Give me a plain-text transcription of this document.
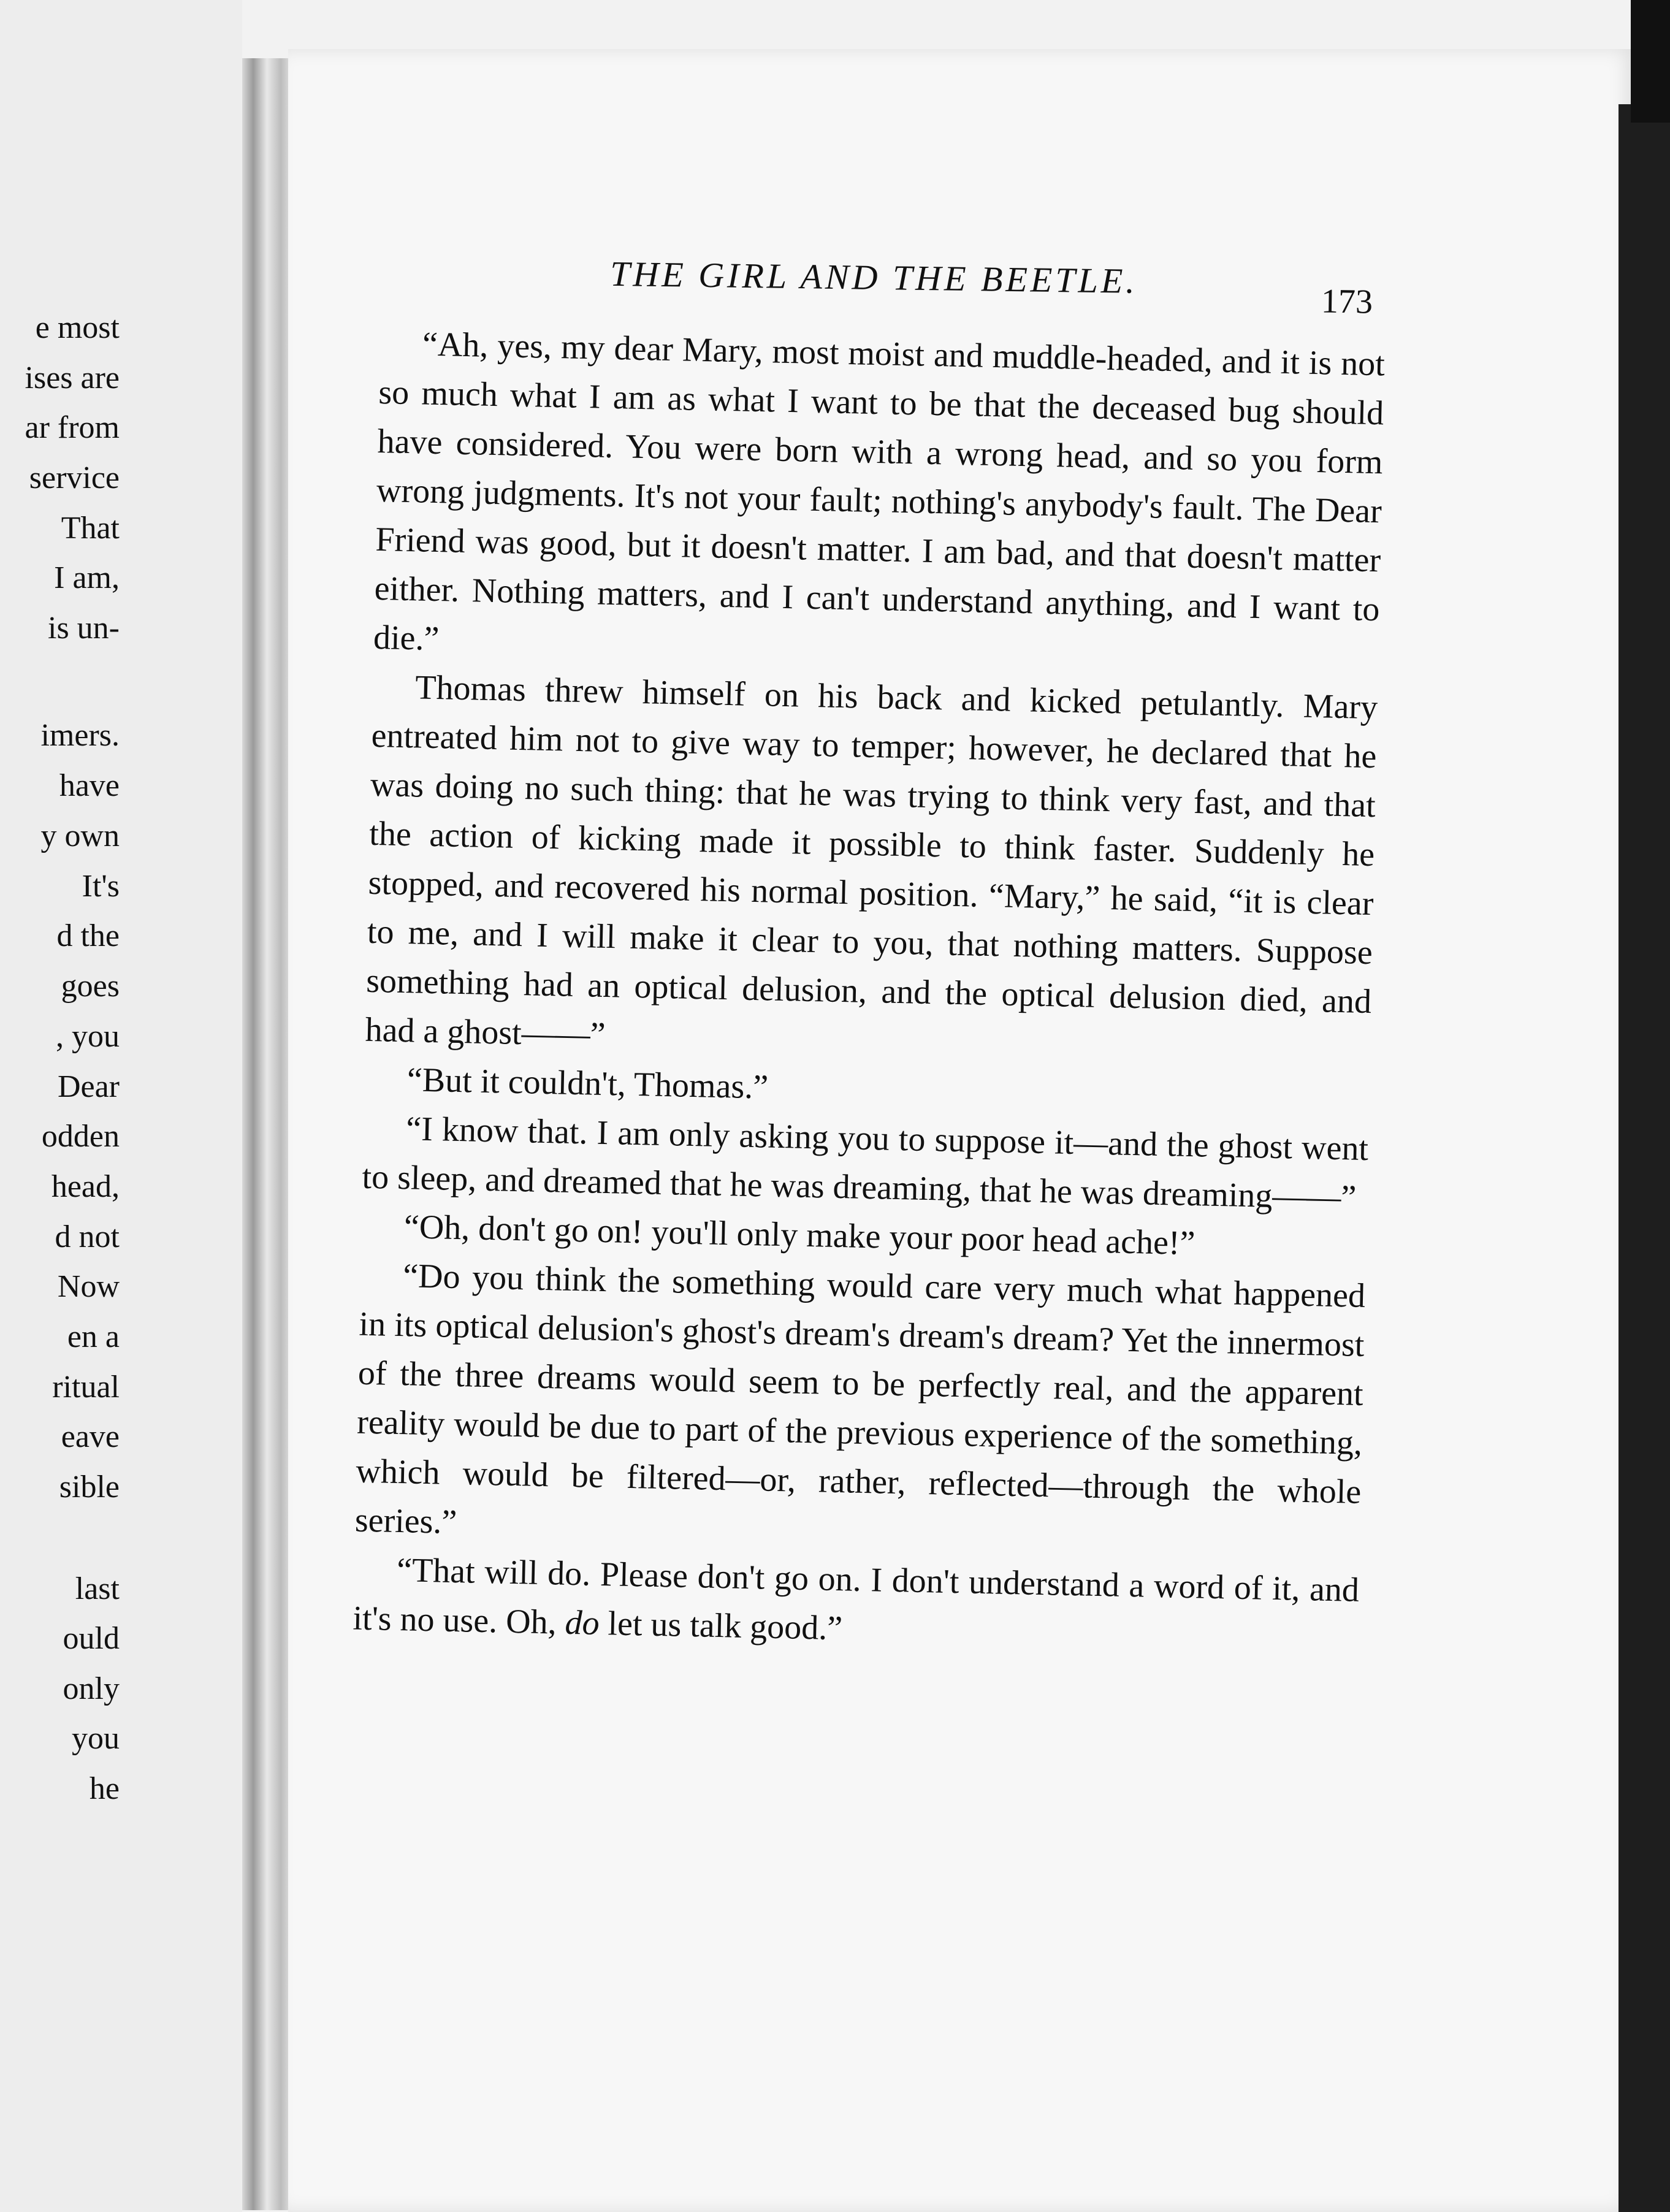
e most
ises are
ar from
service
That
I am,
is un-
imers.
have
y own
It's
d the
goes
, you
Dear
odden
head,
d not
Now
en a
ritual
eave
sible
last
ould
only
you
he
THE GIRL AND THE BEETLE.
173

“Ah, yes, my dear Mary, most moist and muddle-headed, and it is not so much what I am as what I want to be that the deceased bug should have considered. You were born with a wrong head, and so you form wrong judgments. It's not your fault; nothing's anybody's fault. The Dear Friend was good, but it doesn't matter. I am bad, and that doesn't matter either. Nothing matters, and I can't understand anything, and I want to die.”

Thomas threw himself on his back and kicked petulantly. Mary entreated him not to give way to temper; however, he declared that he was doing no such thing: that he was trying to think very fast, and that the action of kicking made it possible to think faster. Suddenly he stopped, and recovered his normal position. “Mary,” he said, “it is clear to me, and I will make it clear to you, that nothing matters. Suppose something had an optical delusion, and the optical delusion died, and had a ghost——”

“But it couldn't, Thomas.”

“I know that. I am only asking you to suppose it—and the ghost went to sleep, and dreamed that he was dreaming, that he was dreaming——”

“Oh, don't go on! you'll only make your poor head ache!”

“Do you think the something would care very much what happened in its optical delusion's ghost's dream's dream's dream? Yet the innermost of the three dreams would seem to be perfectly real, and the apparent reality would be due to part of the previous experience of the something, which would be filtered—or, rather, reflected—through the whole series.”

“That will do. Please don't go on. I don't understand a word of it, and it's no use. Oh, do let us talk good.”
